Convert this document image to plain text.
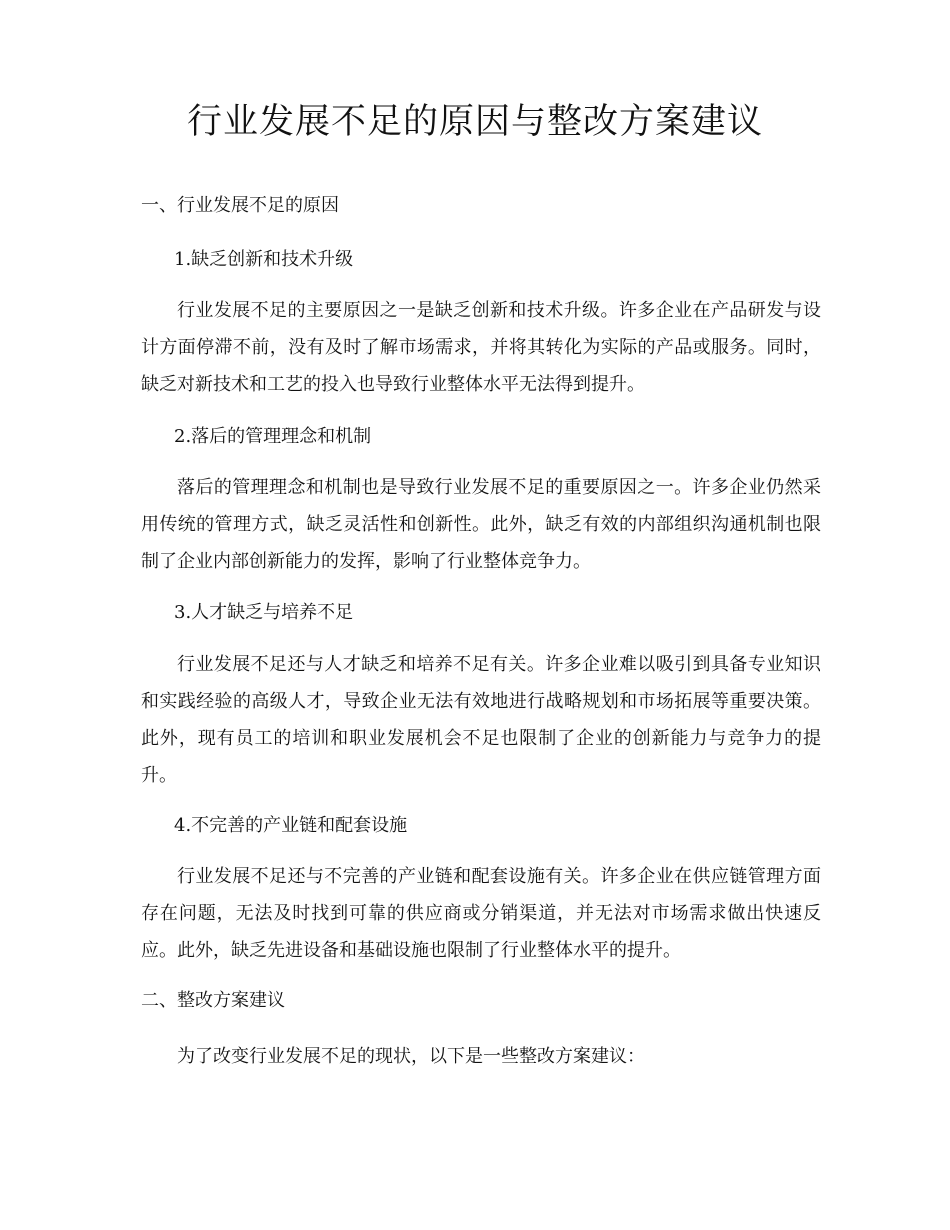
行业发展不足的原因与整改方案建议
一、行业发展不足的原因
1.缺乏创新和技术升级

行业发展不足的主要原因之一是缺乏创新和技术升级。许多企业在产品研发与设计方面停滞不前，没有及时了解市场需求，并将其转化为实际的产品或服务。同时，缺乏对新技术和工艺的投入也导致行业整体水平无法得到提升。

2.落后的管理理念和机制

落后的管理理念和机制也是导致行业发展不足的重要原因之一。许多企业仍然采用传统的管理方式，缺乏灵活性和创新性。此外，缺乏有效的内部组织沟通机制也限制了企业内部创新能力的发挥，影响了行业整体竞争力。

3.人才缺乏与培养不足

行业发展不足还与人才缺乏和培养不足有关。许多企业难以吸引到具备专业知识和实践经验的高级人才，导致企业无法有效地进行战略规划和市场拓展等重要决策。此外，现有员工的培训和职业发展机会不足也限制了企业的创新能力与竞争力的提升。

4.不完善的产业链和配套设施

行业发展不足还与不完善的产业链和配套设施有关。许多企业在供应链管理方面存在问题，无法及时找到可靠的供应商或分销渠道，并无法对市场需求做出快速反应。此外，缺乏先进设备和基础设施也限制了行业整体水平的提升。

二、整改方案建议

为了改变行业发展不足的现状，以下是一些整改方案建议：
